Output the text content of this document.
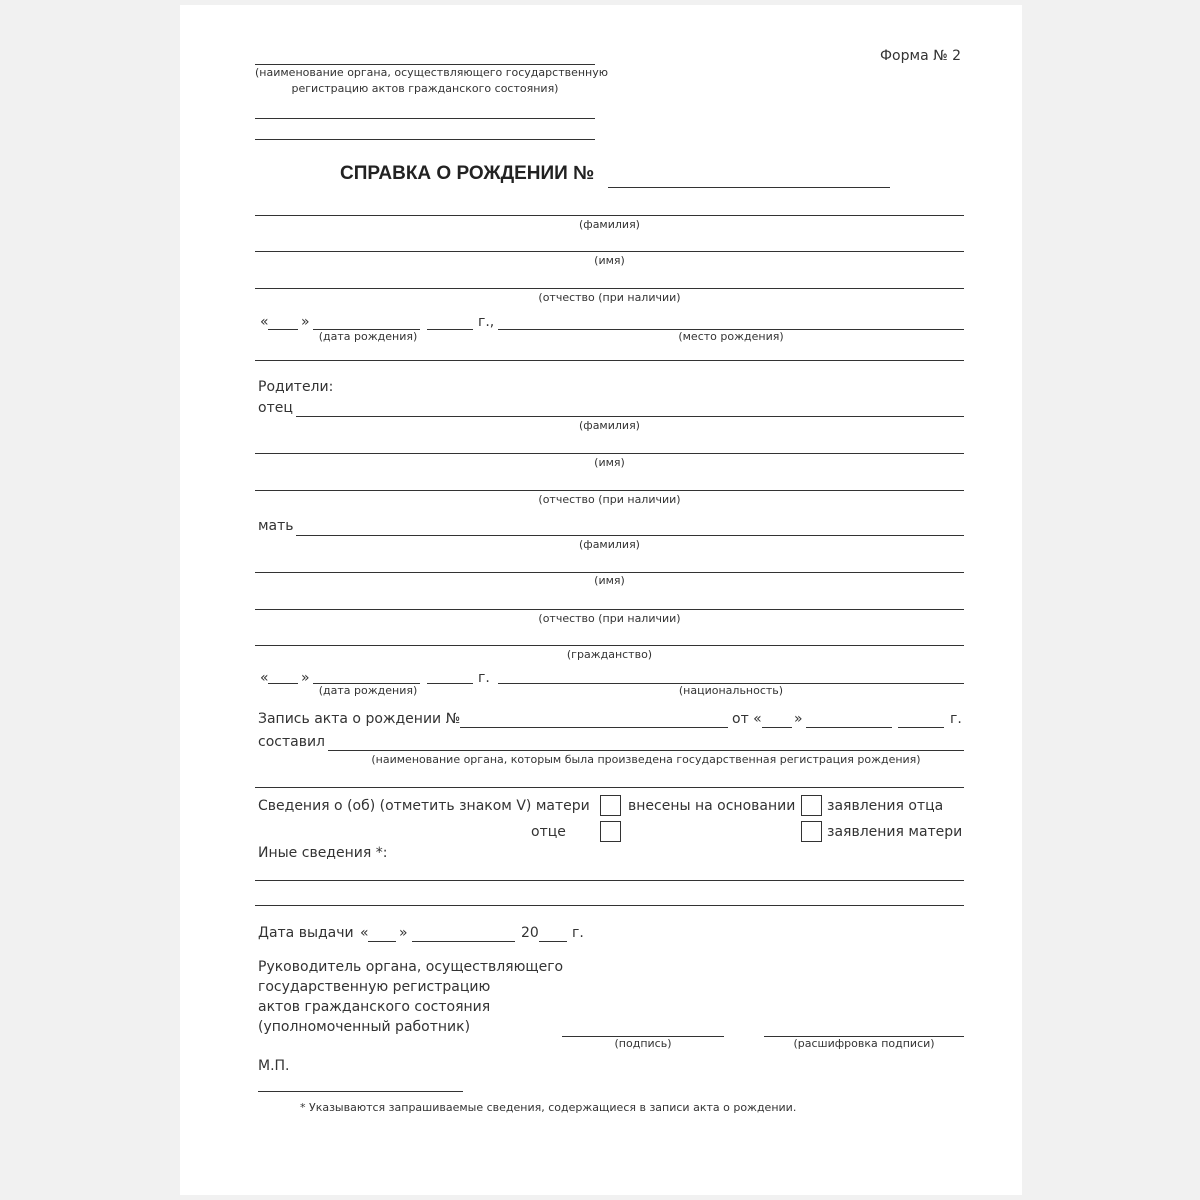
Форма № 2
(наименование органа, осуществляющего государственную
регистрацию актов гражданского состояния)
СПРАВКА О РОЖДЕНИИ №
(фамилия)
(имя)
(отчество (при наличии)
« »	г.,
(дата рождения)	(место рождения)
Родители:
отец
(фамилия)
(имя)
(отчество (при наличии)
мать
(фамилия)
(имя)
(отчество (при наличии)
(гражданство)
« »	г.
(дата рождения)	(национальность)
Запись акта о рождении №	от « »	г.
составил
(наименование органа, которым была произведена государственная регистрация рождения)
Сведения о (об) (отметить знаком V) матери	внесены на основании заявления отца
отце	заявления матери
Иные сведения *:
Дата выдачи « »	20 г.
Руководитель органа, осуществляющего
государственную регистрацию
актов гражданского состояния
(уполномоченный работник)
(подпись)	(расшифровка подписи)
М.П.
* Указываются запрашиваемые сведения, содержащиеся в записи акта о рождении.
